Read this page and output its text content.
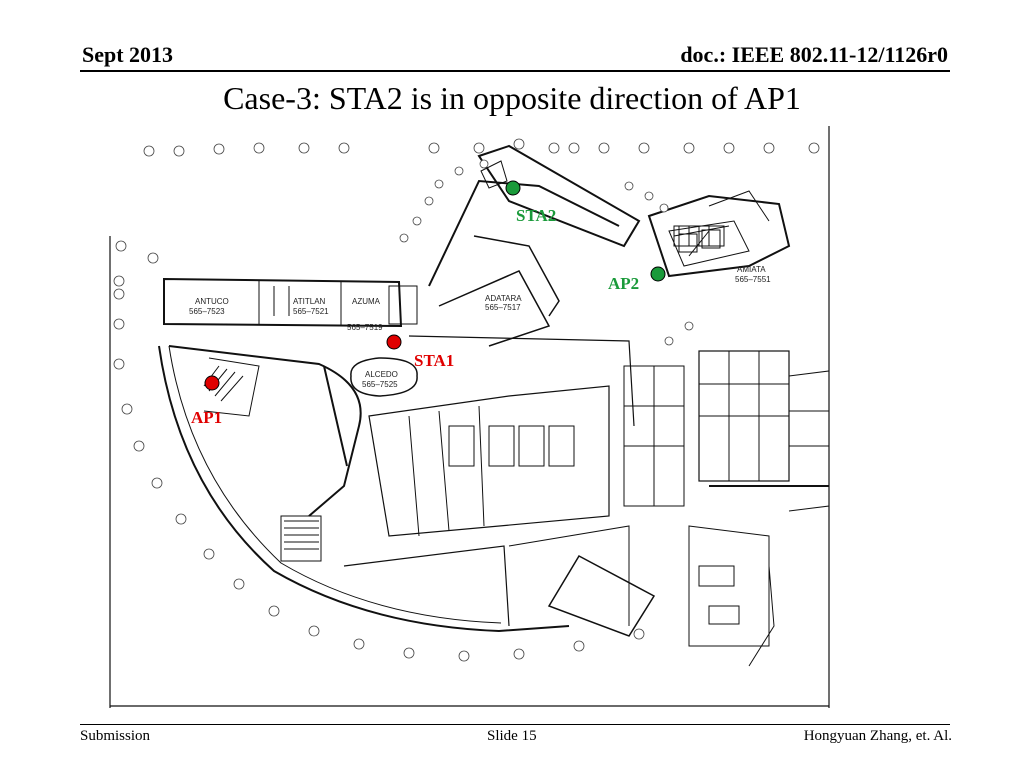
Sept 2013	doc.: IEEE 802.11-12/1126r0
Case-3: STA2 is in opposite direction of AP1
ANTUCO
565–7523
ATITLAN
565–7521
AZUMA
565–7519
ADATARA
565–7517
ALCEDO
565–7525
AMIATA
565–7551
AP1
STA1
AP2
STA2
Submission	Slide 15	Hongyuan Zhang, et. Al.
